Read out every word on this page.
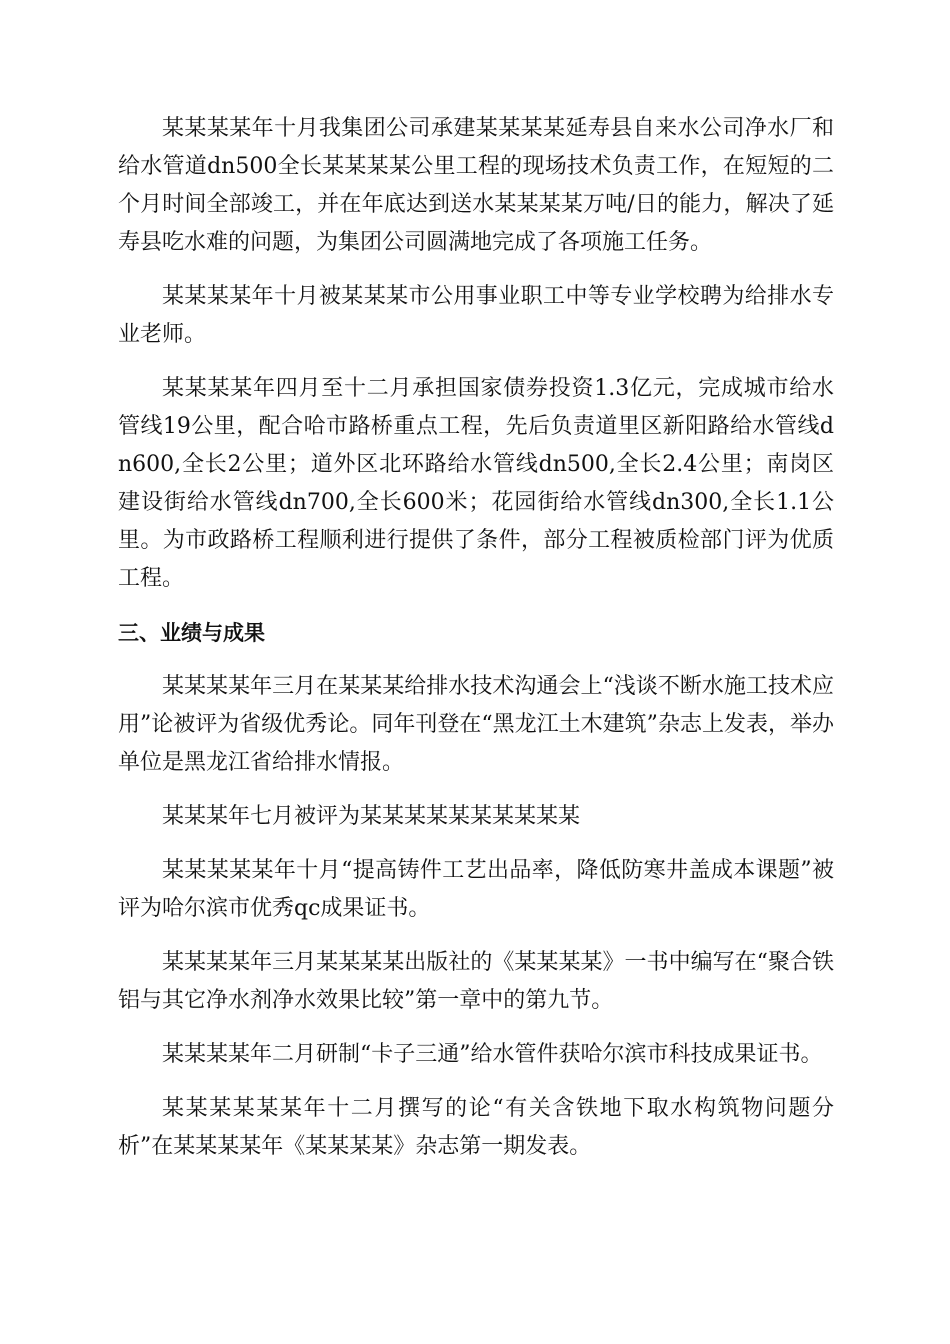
某某某某年十月我集团公司承建某某某某延寿县自来水公司净水厂和给水管道dn500全长某某某某公里工程的现场技术负责工作，在短短的二个月时间全部竣工，并在年底达到送水某某某某万吨/日的能力，解决了延寿县吃水难的问题，为集团公司圆满地完成了各项施工任务。

某某某某年十月被某某某市公用事业职工中等专业学校聘为给排水专业老师。

某某某某年四月至十二月承担国家债券投资1.3亿元，完成城市给水管线19公里，配合哈市路桥重点工程，先后负责道里区新阳路给水管线dn600,全长2公里；道外区北环路给水管线dn500,全长2.4公里；南岗区建设街给水管线dn700,全长600米；花园街给水管线dn300,全长1.1公里。为市政路桥工程顺利进行提供了条件，部分工程被质检部门评为优质工程。

三、业绩与成果

某某某某年三月在某某某给排水技术沟通会上“浅谈不断水施工技术应用”论被评为省级优秀论。同年刊登在“黑龙江土木建筑”杂志上发表，举办单位是黑龙江省给排水情报。

某某某年七月被评为某某某某某某某某某某

某某某某某年十月“提高铸件工艺出品率，降低防寒井盖成本课题”被评为哈尔滨市优秀qc成果证书。

某某某某年三月某某某某出版社的《某某某某》一书中编写在“聚合铁铝与其它净水剂净水效果比较”第一章中的第九节。

某某某某年二月研制“卡子三通”给水管件获哈尔滨市科技成果证书。

某某某某某某年十二月撰写的论“有关含铁地下取水构筑物问题分析”在某某某某年《某某某某》杂志第一期发表。
